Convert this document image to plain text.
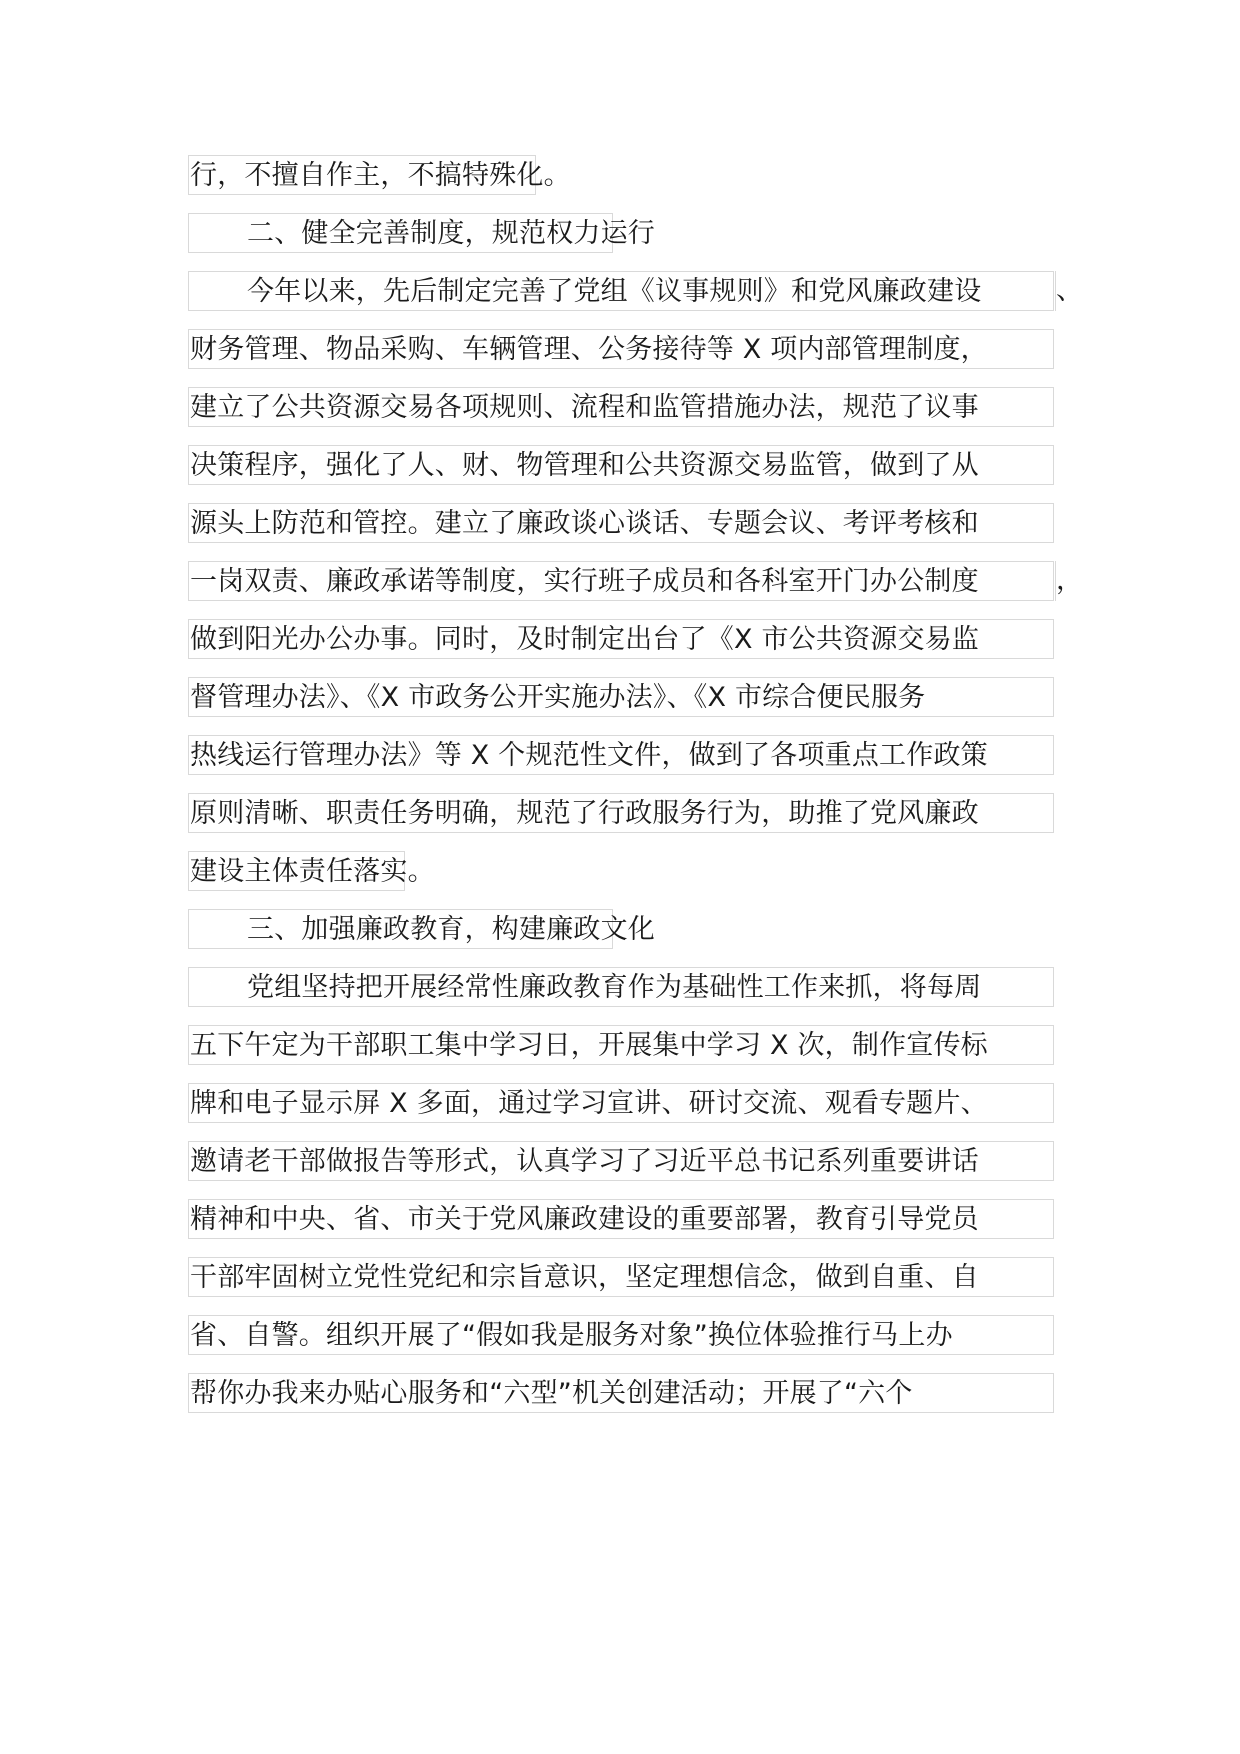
行，不擅自作主，不搞特殊化。
二、健全完善制度，规范权力运行
今年以来，先后制定完善了党组《议事规则》和党风廉政建设	、
财务管理、物品采购、车辆管理、公务接待等 X 项内部管理制度，
建立了公共资源交易各项规则、流程和监管措施办法，规范了议事
决策程序，强化了人、财、物管理和公共资源交易监管，做到了从
源头上防范和管控。建立了廉政谈心谈话、专题会议、考评考核和
一岗双责、廉政承诺等制度，实行班子成员和各科室开门办公制度	，
做到阳光办公办事。同时，及时制定出台了《X 市公共资源交易监
督管理办法》、《X 市政务公开实施办法》、《X 市综合便民服务
热线运行管理办法》等 X 个规范性文件，做到了各项重点工作政策
原则清晰、职责任务明确，规范了行政服务行为，助推了党风廉政
建设主体责任落实。
三、加强廉政教育，构建廉政文化
党组坚持把开展经常性廉政教育作为基础性工作来抓，将每周
五下午定为干部职工集中学习日，开展集中学习 X 次，制作宣传标
牌和电子显示屏 X 多面，通过学习宣讲、研讨交流、观看专题片、
邀请老干部做报告等形式，认真学习了习近平总书记系列重要讲话
精神和中央、省、市关于党风廉政建设的重要部署，教育引导党员
干部牢固树立党性党纪和宗旨意识，坚定理想信念，做到自重、自
省、自警。组织开展了“假如我是服务对象”换位体验推行马上办
帮你办我来办贴心服务和“六型”机关创建活动；开展了“六个
